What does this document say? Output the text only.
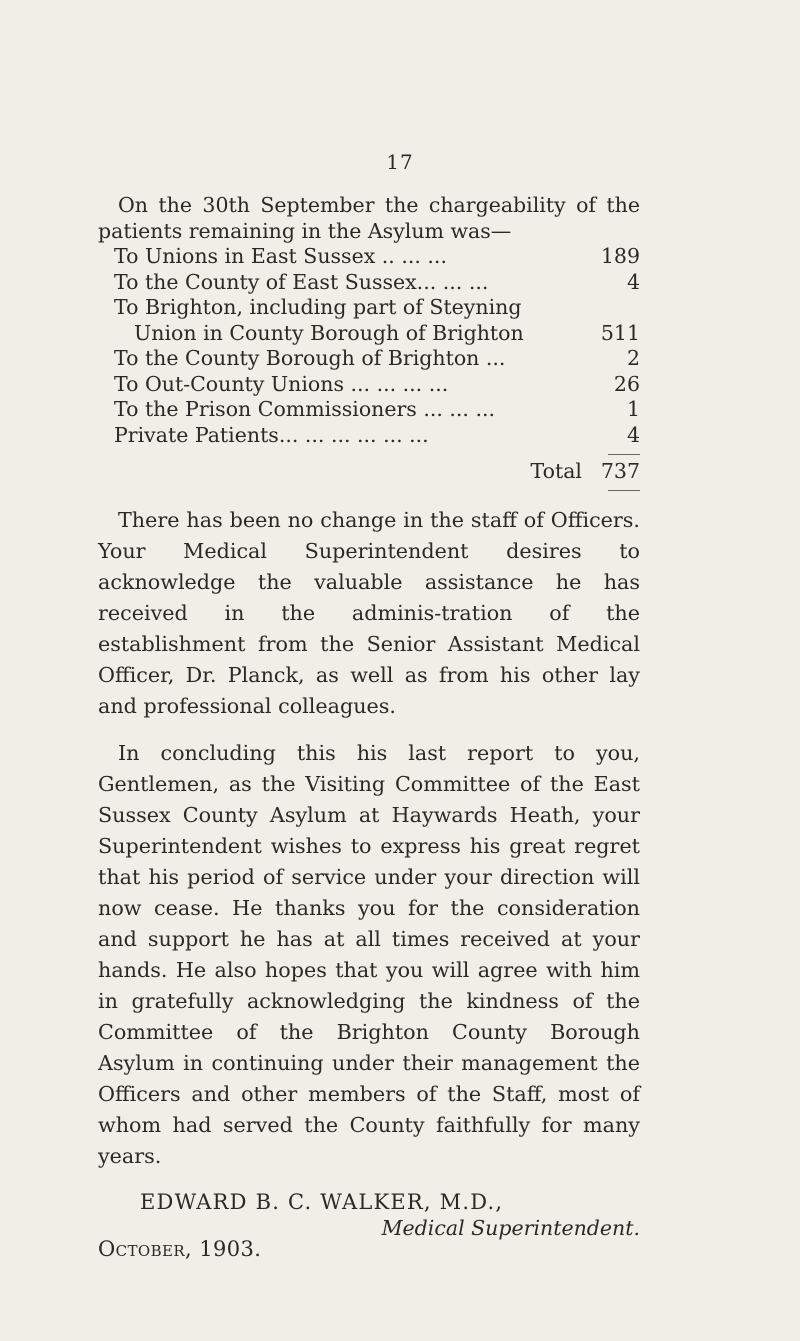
17

On the 30th September the chargeability of the patients remaining in the Asylum was—

To Unions in East Sussex .. ... ...	189
To the County of East Sussex... ... ...	4
To Brighton, including part of Steyning
Union in County Borough of Brighton	511
To the County Borough of Brighton ...	2
To Out-County Unions ... ... ... ...	26
To the Prison Commissioners ... ... ...	1
Private Patients... ... ... ... ... ...	4
Total 737

There has been no change in the staff of Officers. Your Medical Superintendent desires to acknowledge the valuable assistance he has received in the adminis-tration of the establishment from the Senior Assistant Medical Officer, Dr. Planck, as well as from his other lay and professional colleagues.

In concluding this his last report to you, Gentlemen, as the Visiting Committee of the East Sussex County Asylum at Haywards Heath, your Superintendent wishes to express his great regret that his period of service under your direction will now cease. He thanks you for the consideration and support he has at all times received at your hands. He also hopes that you will agree with him in gratefully acknowledging the kindness of the Committee of the Brighton County Borough Asylum in continuing under their management the Officers and other members of the Staff, most of whom had served the County faithfully for many years.

EDWARD B. C. WALKER, M.D.,
Medical Superintendent.
October, 1903.
